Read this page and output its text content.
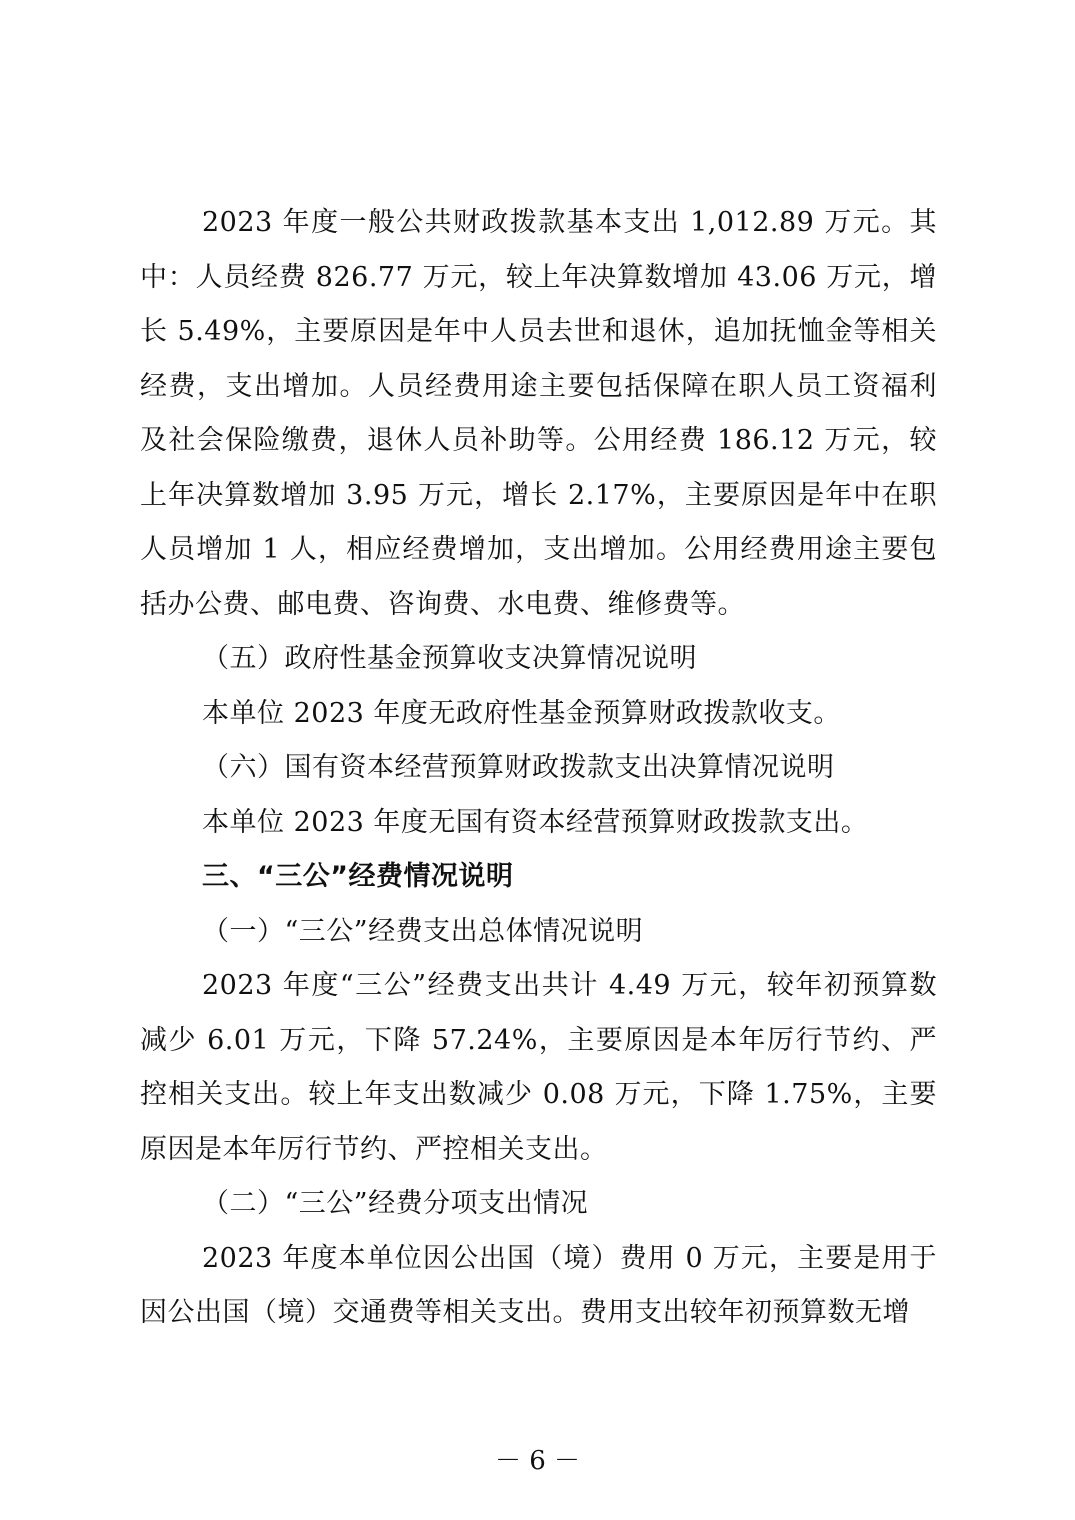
2023 年度一般公共财政拨款基本支出 1,012.89 万元。其中：人员经费 826.77 万元，较上年决算数增加 43.06 万元，增长 5.49%，主要原因是年中人员去世和退休，追加抚恤金等相关经费，支出增加。人员经费用途主要包括保障在职人员工资福利及社会保险缴费，退休人员补助等。公用经费 186.12 万元，较上年决算数增加 3.95 万元，增长 2.17%，主要原因是年中在职人员增加 1 人，相应经费增加，支出增加。公用经费用途主要包括办公费、邮电费、咨询费、水电费、维修费等。

（五）政府性基金预算收支决算情况说明

本单位 2023 年度无政府性基金预算财政拨款收支。

（六）国有资本经营预算财政拨款支出决算情况说明

本单位 2023 年度无国有资本经营预算财政拨款支出。

三、“三公”经费情况说明

（一）“三公”经费支出总体情况说明

2023 年度“三公”经费支出共计 4.49 万元，较年初预算数减少 6.01 万元，下降 57.24%，主要原因是本年厉行节约、严控相关支出。较上年支出数减少 0.08 万元，下降 1.75%，主要原因是本年厉行节约、严控相关支出。

（二）“三公”经费分项支出情况

2023 年度本单位因公出国（境）费用 0 万元，主要是用于因公出国（境）交通费等相关支出。费用支出较年初预算数无增

－ 6 －
